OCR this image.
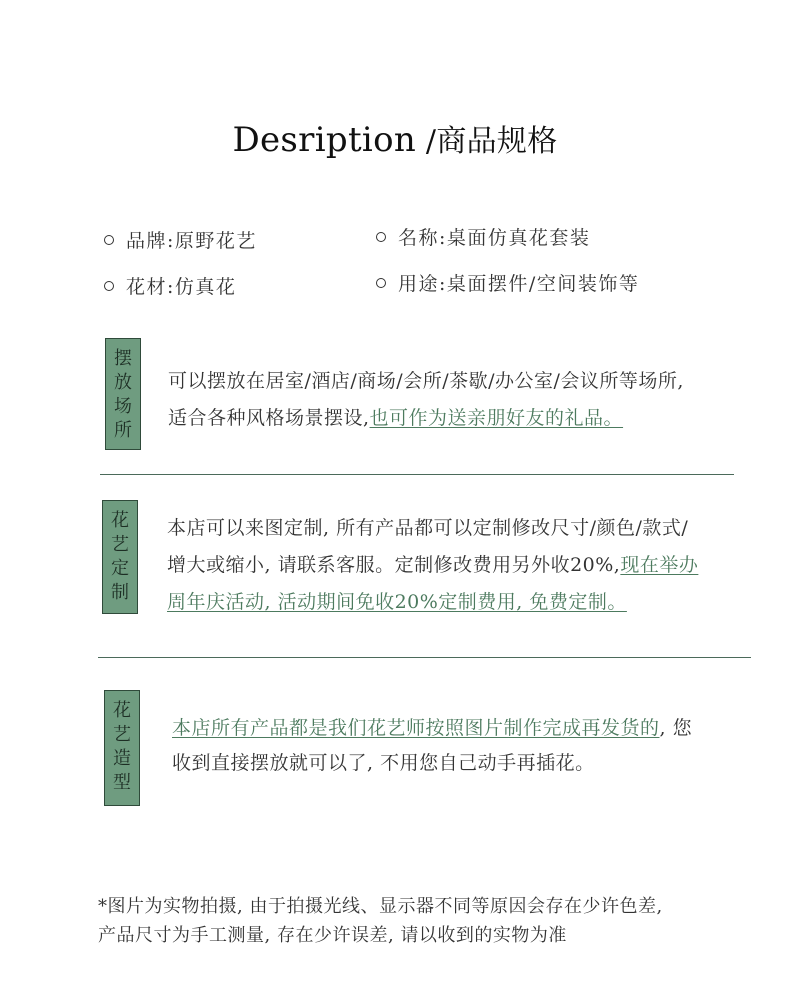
Desription /商品规格
品牌:原野花艺	名称:桌面仿真花套装
花材:仿真花	用途:桌面摆件/空间装饰等
摆
放
场
所
可以摆放在居室/酒店/商场/会所/茶歇/办公室/会议所等场所,
适合各种风格场景摆设,也可作为送亲朋好友的礼品。
花
艺
定
制
本店可以来图定制, 所有产品都可以定制修改尺寸/颜色/款式/
增大或缩小, 请联系客服。定制修改费用另外收20%,现在举办
周年庆活动, 活动期间免收20%定制费用, 免费定制。
花
艺
造
型
本店所有产品都是我们花艺师按照图片制作完成再发货的, 您
收到直接摆放就可以了, 不用您自己动手再插花。
*图片为实物拍摄, 由于拍摄光线、显示器不同等原因会存在少许色差,
产品尺寸为手工测量, 存在少许误差, 请以收到的实物为准
